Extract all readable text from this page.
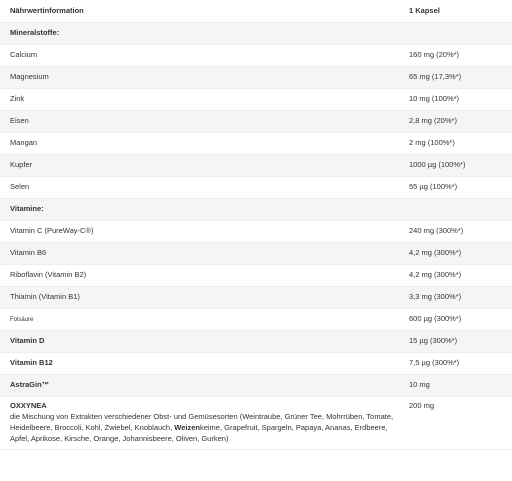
Nährwertinformation	1 Kapsel
Mineralstoffe:	
Calcium	160 mg (20%*)
Magnesium	65 mg (17,3%*)
Zink	10 mg (100%*)
Eisen	2,8 mg (20%*)
Mangan	2 mg (100%*)
Kupfer	1000 µg (100%*)
Selen	55 µg (100%*)
Vitamine:	
Vitamin C (PureWay-C®)	240 mg (300%*)
Vitamin B6	4,2 mg (300%*)
Riboflavin (Vitamin B2)	4,2 mg (300%*)
Thiamin (Vitamin B1)	3,3 mg (300%*)
Folsäure	600 µg (300%*)
Vitamin D	15 µg (300%*)
Vitamin B12	7,5 µg (300%*)
AstraGin™	10 mg
OXXYNEA
die Mischung von Extrakten verschiedener Obst- und Gemüsesorten (Weintraube, Grüner Tee, Mohrrüben, Tomate, Heidelbeere, Broccoli, Kohl, Zwiebel, Knoblauch, Weizenkeime, Grapefruit, Spargeln, Papaya, Ananas, Erdbeere, Apfel, Aprikose, Kirsche, Orange, Johannisbeere, Oliven, Gurken)	200 mg
